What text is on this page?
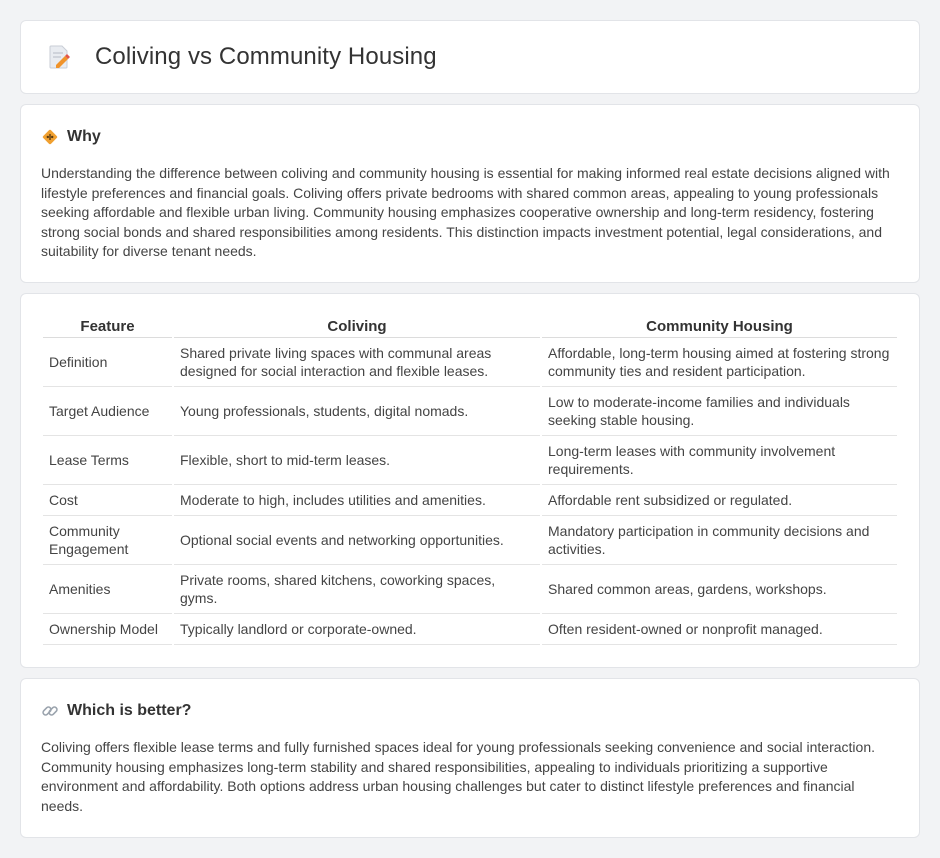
Coliving vs Community Housing
Why

Understanding the difference between coliving and community housing is essential for making informed real estate decisions aligned with lifestyle preferences and financial goals. Coliving offers private bedrooms with shared common areas, appealing to young professionals seeking affordable and flexible urban living. Community housing emphasizes cooperative ownership and long-term residency, fostering strong social bonds and shared responsibilities among residents. This distinction impacts investment potential, legal considerations, and suitability for diverse tenant needs.

Feature	Coliving	Community Housing
Definition	Shared private living spaces with communal areas designed for social interaction and flexible leases.	Affordable, long-term housing aimed at fostering strong community ties and resident participation.
Target Audience	Young professionals, students, digital nomads.	Low to moderate-income families and individuals seeking stable housing.
Lease Terms	Flexible, short to mid-term leases.	Long-term leases with community involvement requirements.
Cost	Moderate to high, includes utilities and amenities.	Affordable rent subsidized or regulated.
Community Engagement	Optional social events and networking opportunities.	Mandatory participation in community decisions and activities.
Amenities	Private rooms, shared kitchens, coworking spaces, gyms.	Shared common areas, gardens, workshops.
Ownership Model	Typically landlord or corporate-owned.	Often resident-owned or nonprofit managed.
Which is better?

Coliving offers flexible lease terms and fully furnished spaces ideal for young professionals seeking convenience and social interaction. Community housing emphasizes long-term stability and shared responsibilities, appealing to individuals prioritizing a supportive environment and affordability. Both options address urban housing challenges but cater to distinct lifestyle preferences and financial needs.
